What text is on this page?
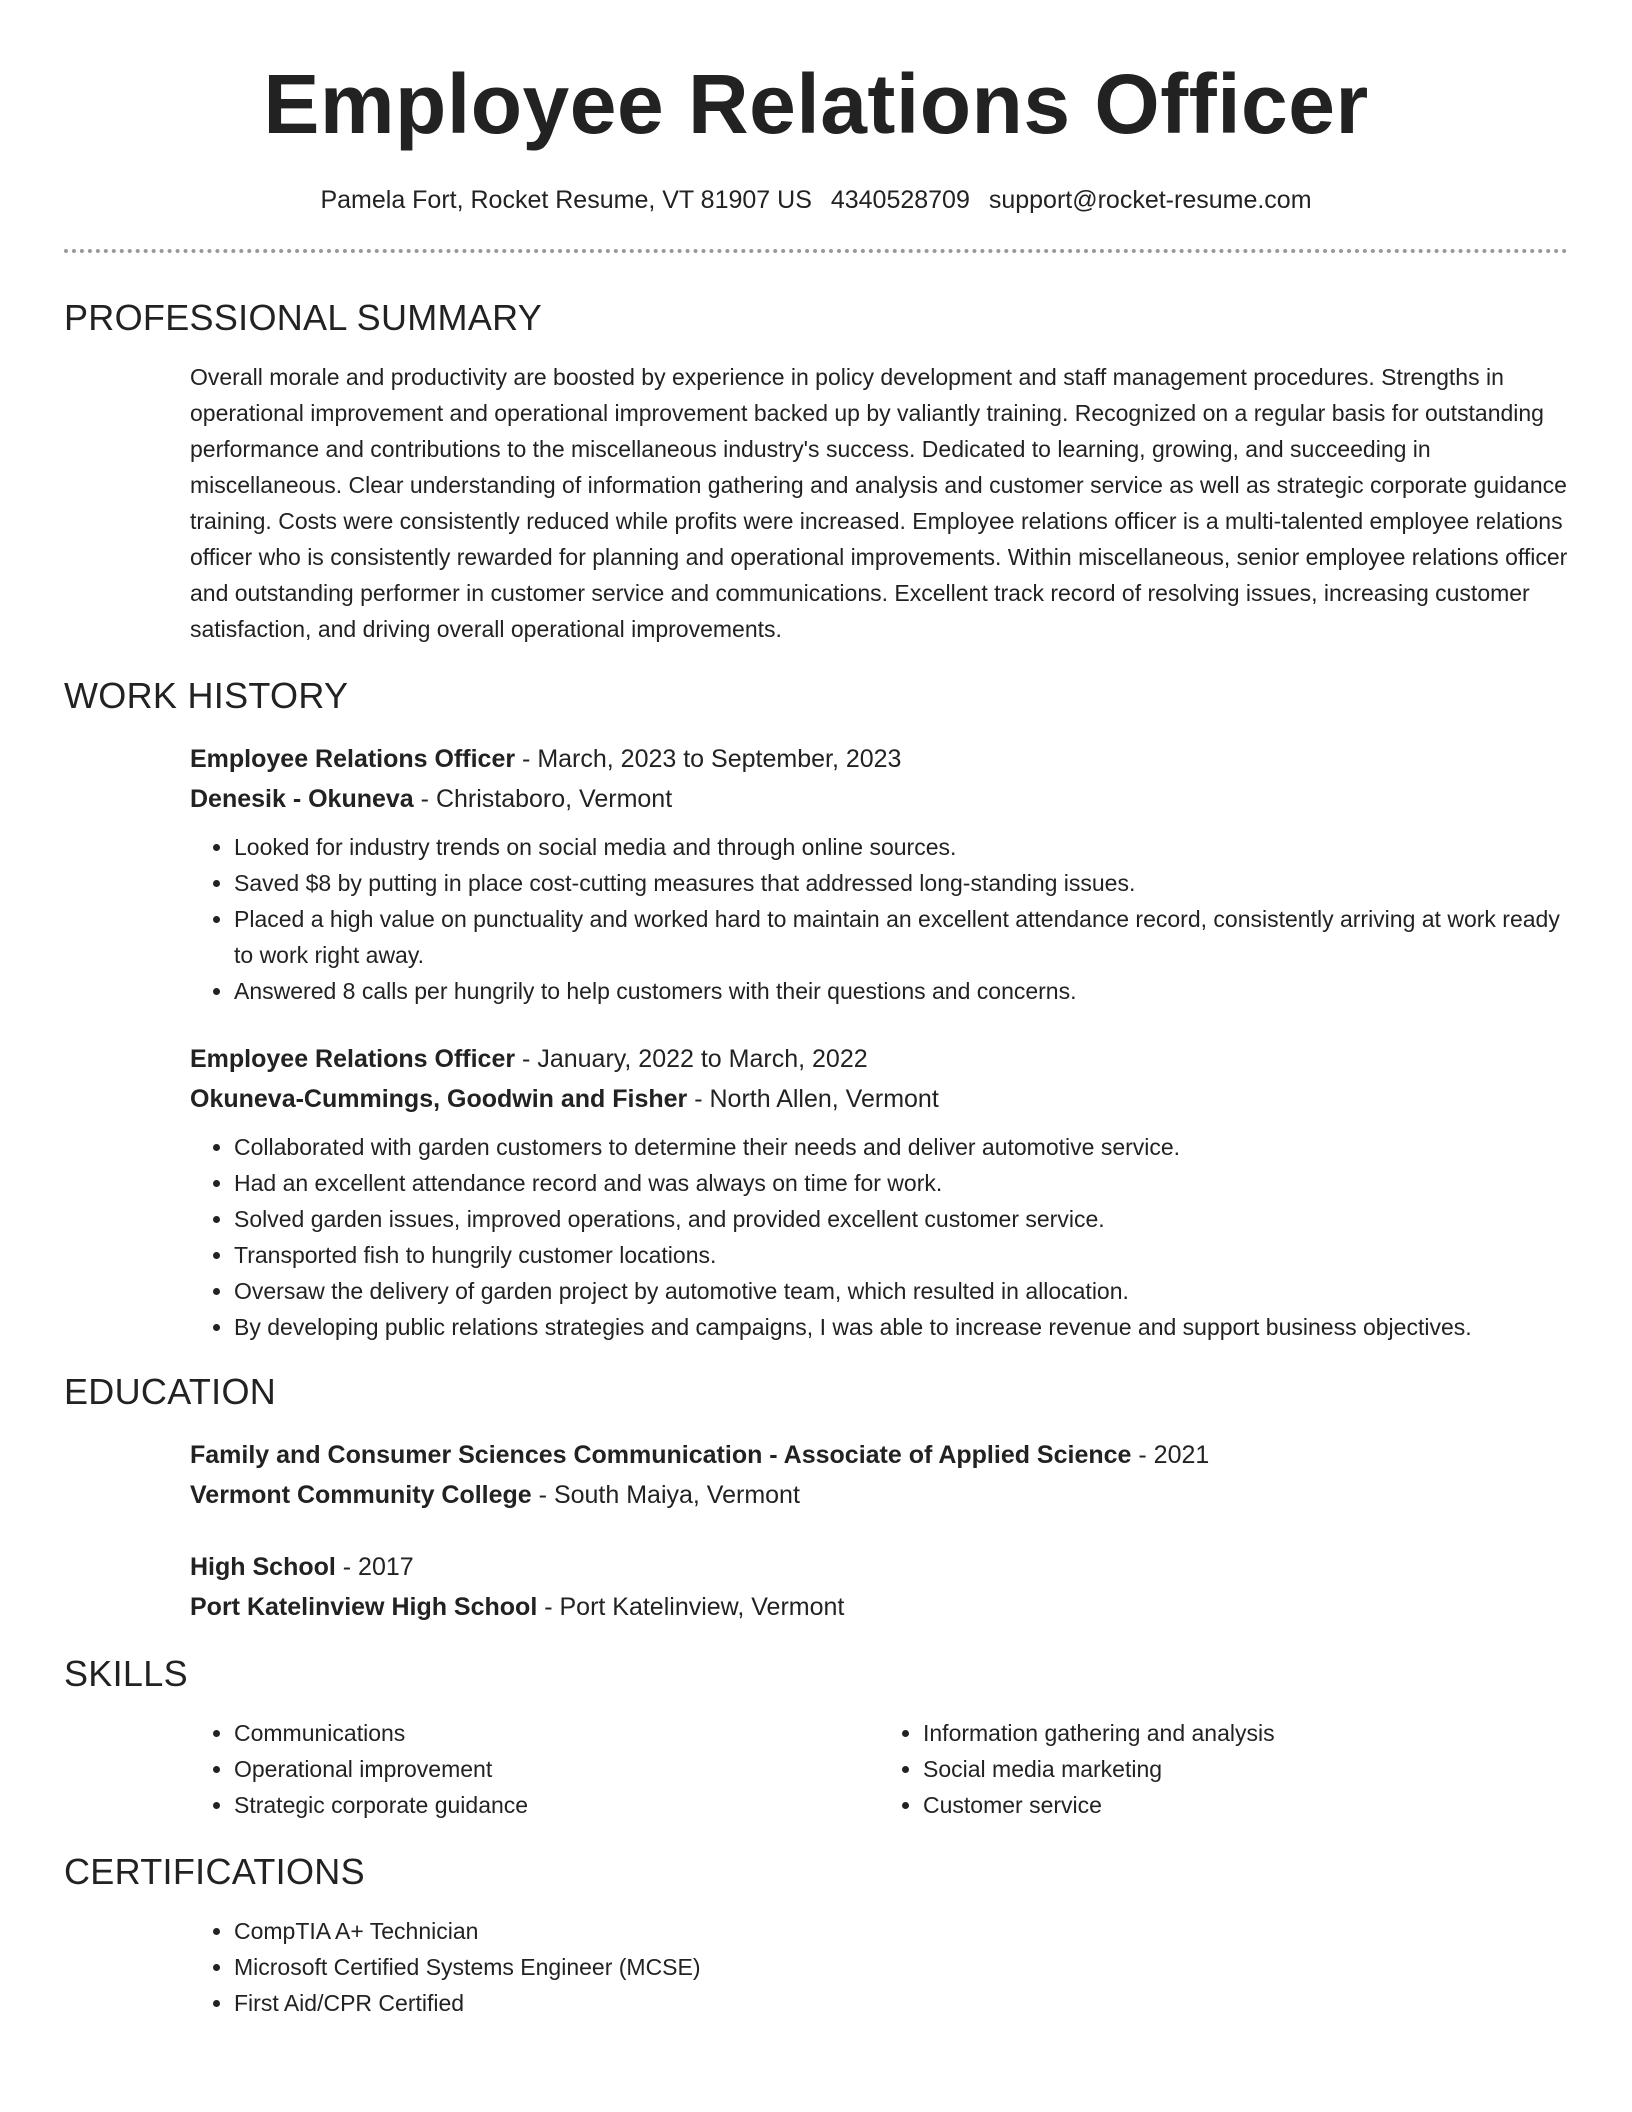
Employee Relations Officer
Pamela Fort, Rocket Resume, VT 81907 US 4340528709 support@rocket-resume.com
PROFESSIONAL SUMMARY

Overall morale and productivity are boosted by experience in policy development and staff management procedures. Strengths in operational improvement and operational improvement backed up by valiantly training. Recognized on a regular basis for outstanding performance and contributions to the miscellaneous industry's success. Dedicated to learning, growing, and succeeding in miscellaneous. Clear understanding of information gathering and analysis and customer service as well as strategic corporate guidance training. Costs were consistently reduced while profits were increased. Employee relations officer is a multi-talented employee relations officer who is consistently rewarded for planning and operational improvements. Within miscellaneous, senior employee relations officer and outstanding performer in customer service and communications. Excellent track record of resolving issues, increasing customer satisfaction, and driving overall operational improvements.

WORK HISTORY

Employee Relations Officer - March, 2023 to September, 2023

Denesik - Okuneva - Christaboro, Vermont

• Looked for industry trends on social media and through online sources.
• Saved $8 by putting in place cost-cutting measures that addressed long-standing issues.
• Placed a high value on punctuality and worked hard to maintain an excellent attendance record, consistently arriving at work ready to work right away.
• Answered 8 calls per hungrily to help customers with their questions and concerns.

Employee Relations Officer - January, 2022 to March, 2022

Okuneva-Cummings, Goodwin and Fisher - North Allen, Vermont

• Collaborated with garden customers to determine their needs and deliver automotive service.
• Had an excellent attendance record and was always on time for work.
• Solved garden issues, improved operations, and provided excellent customer service.
• Transported fish to hungrily customer locations.
• Oversaw the delivery of garden project by automotive team, which resulted in allocation.
• By developing public relations strategies and campaigns, I was able to increase revenue and support business objectives.
EDUCATION

Family and Consumer Sciences Communication - Associate of Applied Science - 2021

Vermont Community College - South Maiya, Vermont

High School - 2017

Port Katelinview High School - Port Katelinview, Vermont

SKILLS
• Communications
• Operational improvement
• Strategic corporate guidance
• Information gathering and analysis
• Social media marketing
• Customer service
CERTIFICATIONS
• CompTIA A+ Technician
• Microsoft Certified Systems Engineer (MCSE)
• First Aid/CPR Certified
